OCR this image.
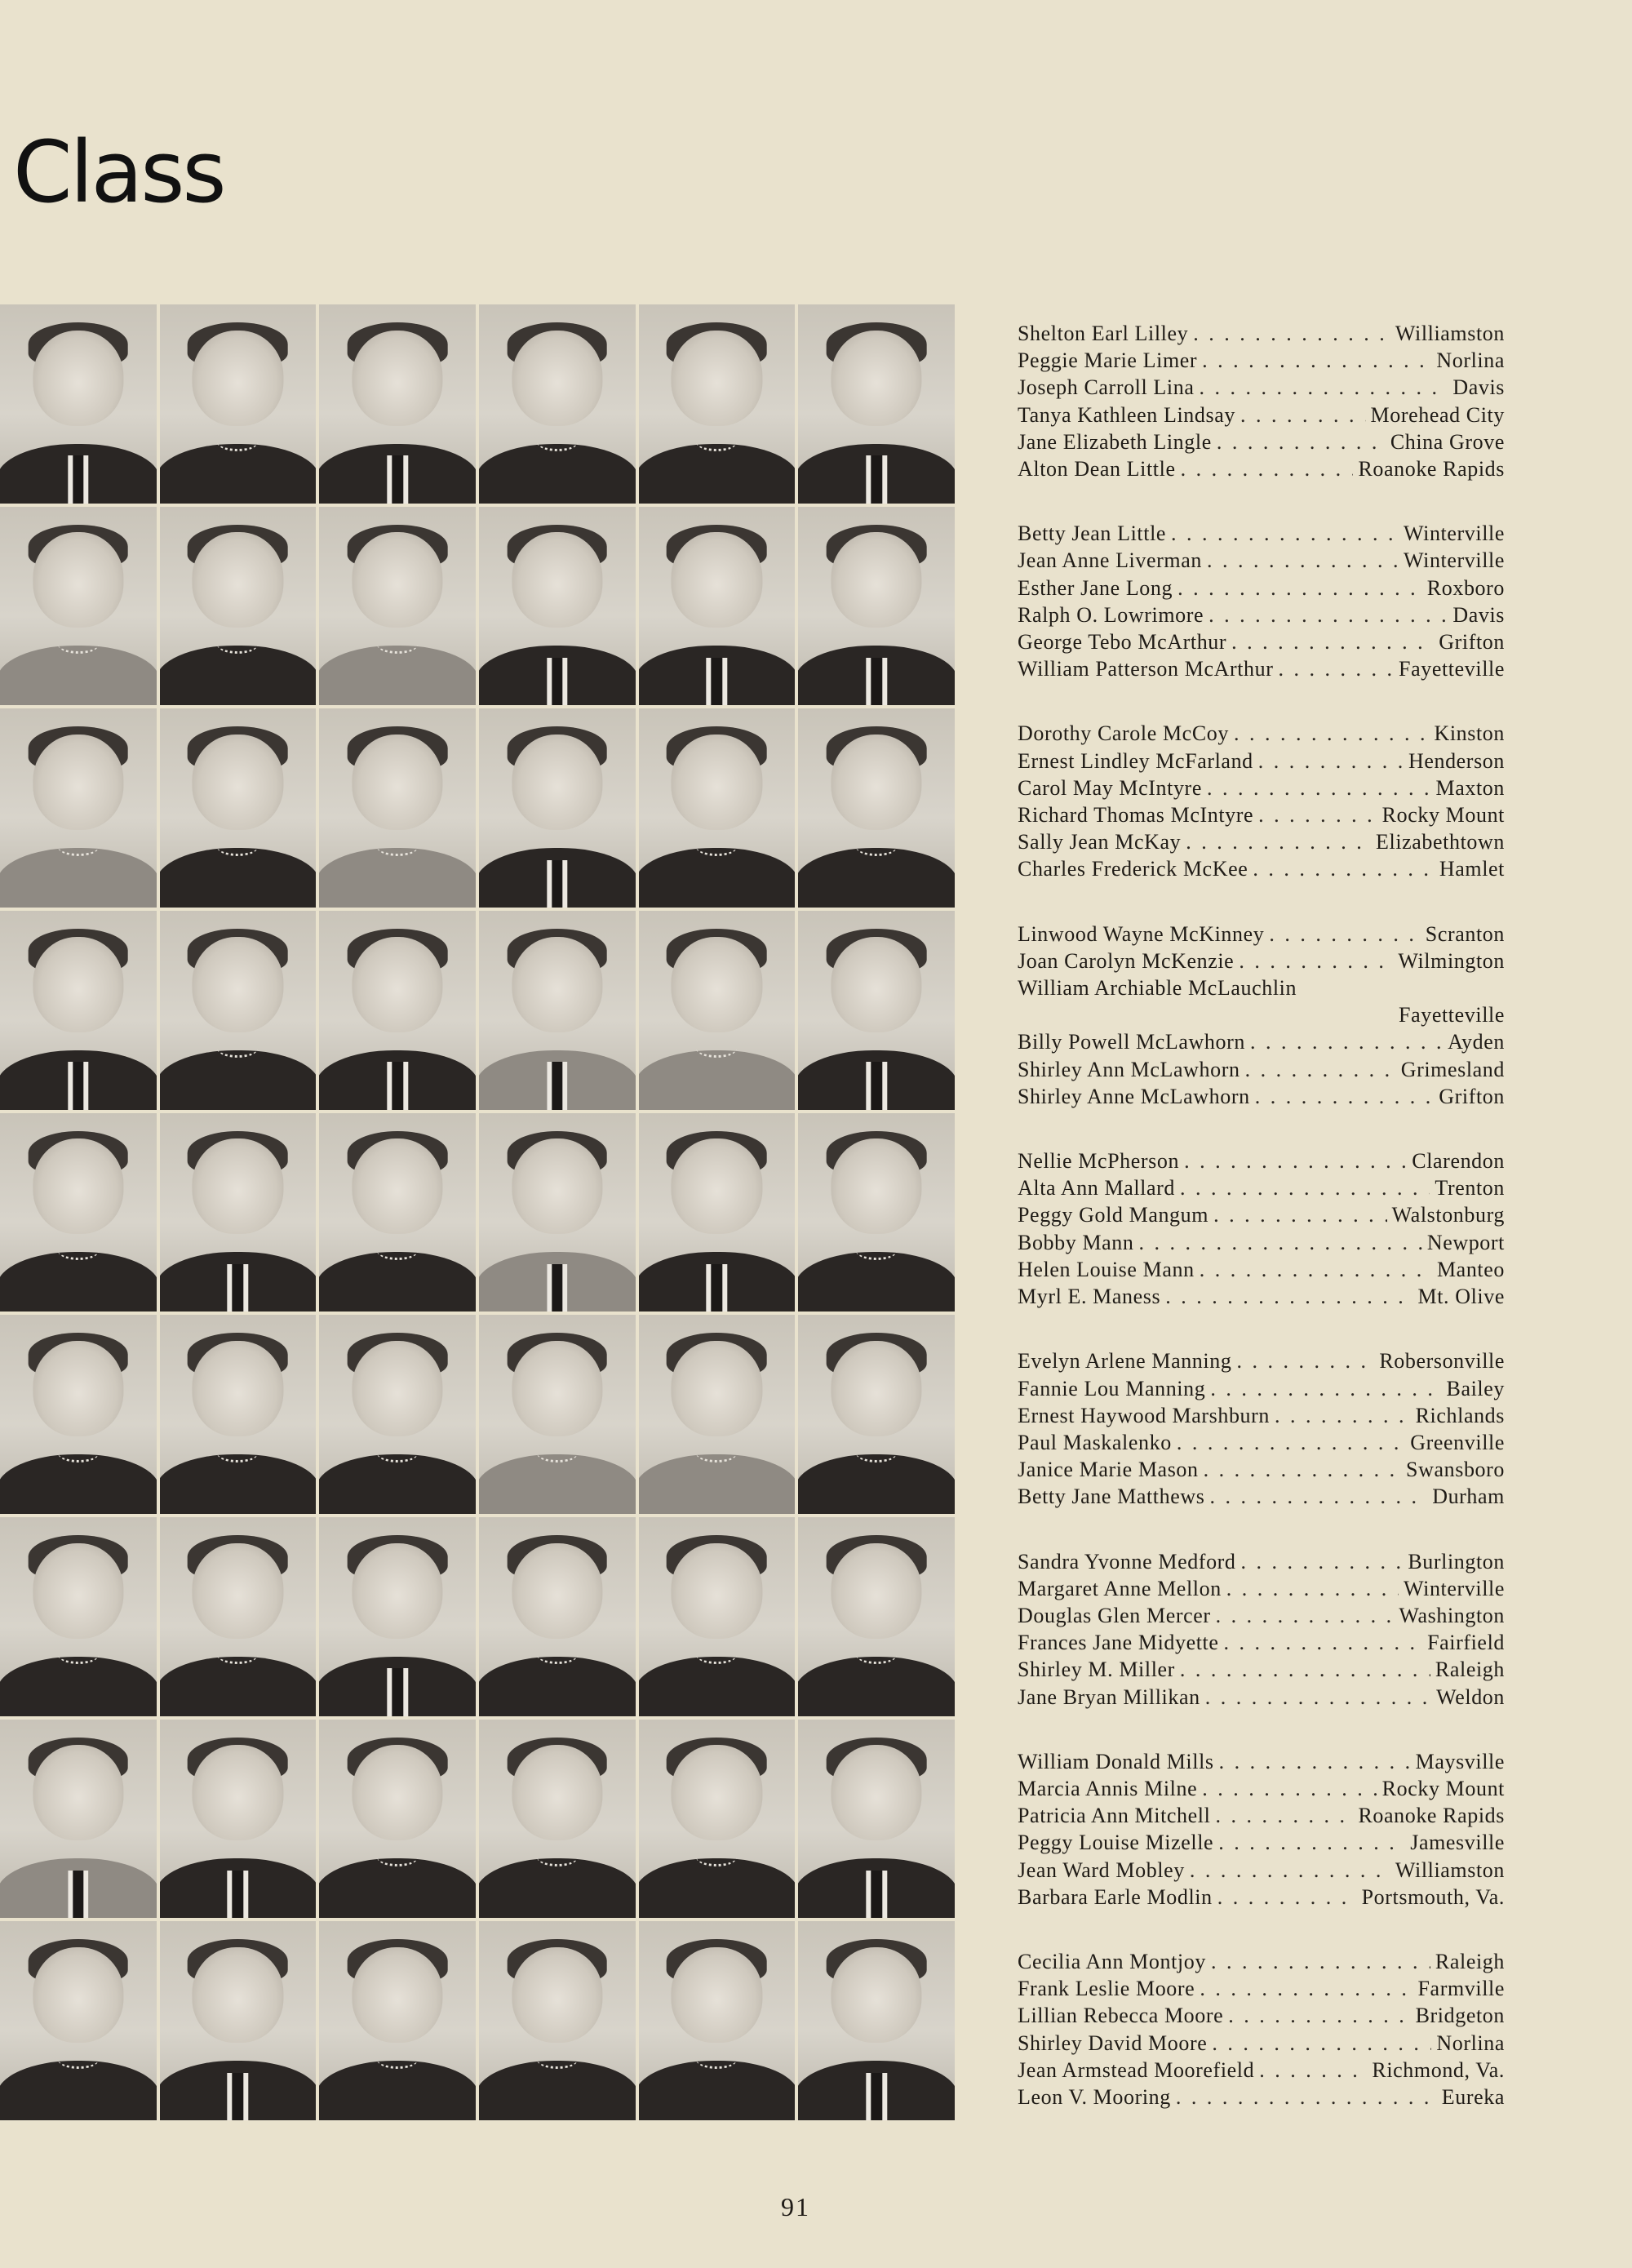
Class
Shelton Earl Lilley . . .	Williamston
Peggie Marie Limer . . .	Norlina
Joseph Carroll Lina . . .	Davis
Tanya Kathleen Lindsay . . .	Morehead City
Jane Elizabeth Lingle . . .	China Grove
Alton Dean Little . . .	Roanoke Rapids
Betty Jean Little . . .	Winterville
Jean Anne Liverman . . .	Winterville
Esther Jane Long . . .	Roxboro
Ralph O. Lowrimore . . .	Davis
George Tebo McArthur . . .	Grifton
William Patterson McArthur . . .	Fayetteville
Dorothy Carole McCoy . . .	Kinston
Ernest Lindley McFarland . . .	Henderson
Carol May McIntyre . . .	Maxton
Richard Thomas McIntyre . . .	Rocky Mount
Sally Jean McKay . . .	Elizabethtown
Charles Frederick McKee . . .	Hamlet
Linwood Wayne McKinney . . .	Scranton
Joan Carolyn McKenzie . . .	Wilmington
William Archiable McLauchlin
Fayetteville
Billy Powell McLawhorn . . .	Ayden
Shirley Ann McLawhorn . . .	Grimesland
Shirley Anne McLawhorn . . .	Grifton
Nellie McPherson . . .	Clarendon
Alta Ann Mallard . . .	Trenton
Peggy Gold Mangum . . .	Walstonburg
Bobby Mann . . .	Newport
Helen Louise Mann . . .	Manteo
Myrl E. Maness . . .	Mt. Olive
Evelyn Arlene Manning . . .	Robersonville
Fannie Lou Manning . . .	Bailey
Ernest Haywood Marshburn . . .	Richlands
Paul Maskalenko . . .	Greenville
Janice Marie Mason . . .	Swansboro
Betty Jane Matthews . . .	Durham
Sandra Yvonne Medford . . .	Burlington
Margaret Anne Mellon . . .	Winterville
Douglas Glen Mercer . . .	Washington
Frances Jane Midyette . . .	Fairfield
Shirley M. Miller . . .	Raleigh
Jane Bryan Millikan . . .	Weldon
William Donald Mills . . .	Maysville
Marcia Annis Milne . . .	Rocky Mount
Patricia Ann Mitchell . . .	Roanoke Rapids
Peggy Louise Mizelle . . .	Jamesville
Jean Ward Mobley . . .	Williamston
Barbara Earle Modlin . . .	Portsmouth, Va.
Cecilia Ann Montjoy . . .	Raleigh
Frank Leslie Moore . . .	Farmville
Lillian Rebecca Moore . . .	Bridgeton
Shirley David Moore . . .	Norlina
Jean Armstead Moorefield . . .	Richmond, Va.
Leon V. Mooring . . .	Eureka

91
